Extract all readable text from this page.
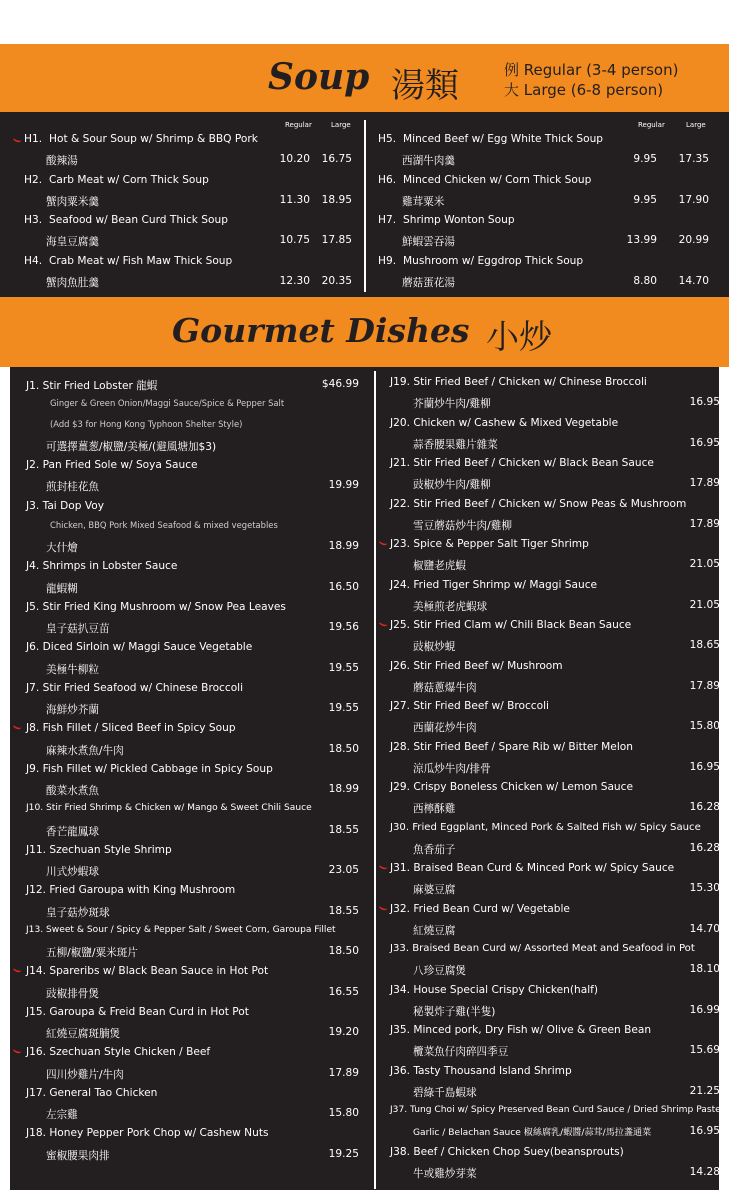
Soup 湯類	例 Regular (3-4 person)
大 Large (6-8 person)
Regular	Large	Regular	Large
H1. Hot & Sour Soup w/ Shrimp & BBQ Pork
酸辣湯	10.20	16.75
H2. Carb Meat w/ Corn Thick Soup
蟹肉粟米羹	11.30	18.95
H3. Seafood w/ Bean Curd Thick Soup
海皇豆腐羹	10.75	17.85
H4. Crab Meat w/ Fish Maw Thick Soup
蟹肉魚肚羹	12.30	20.35
H5. Minced Beef w/ Egg White Thick Soup
西湖牛肉羹	9.95	17.35
H6. Minced Chicken w/ Corn Thick Soup
雞茸粟米	9.95	17.90
H7. Shrimp Wonton Soup
鮮蝦雲吞湯	13.99	20.99
H9. Mushroom w/ Eggdrop Thick Soup
蘑菇蛋花湯	8.80	14.70
Gourmet Dishes 小炒
J1. Stir Fried Lobster 龍蝦	$46.99
Ginger & Green Onion/Maggi Sauce/Spice & Pepper Salt
(Add $3 for Hong Kong Typhoon Shelter Style)
可選擇薑葱/椒鹽/美極/(避風塘加$3)
J2. Pan Fried Sole w/ Soya Sauce
煎封桂花魚	19.99
J3. Tai Dop Voy
Chicken, BBQ Pork Mixed Seafood & mixed vegetables
大什燴	18.99
J4. Shrimps in Lobster Sauce
龍蝦糊	16.50
J5. Stir Fried King Mushroom w/ Snow Pea Leaves
皇子菇扒豆苗	19.56
J6. Diced Sirloin w/ Maggi Sauce Vegetable
美極牛柳粒	19.55
J7. Stir Fried Seafood w/ Chinese Broccoli
海鮮炒芥蘭	19.55
J8. Fish Fillet / Sliced Beef in Spicy Soup
麻辣水煮魚/牛肉	18.50
J9. Fish Fillet w/ Pickled Cabbage in Spicy Soup
酸菜水煮魚	18.99
J10. Stir Fried Shrimp & Chicken w/ Mango & Sweet Chili Sauce
香芒龍鳳球	18.55
J11. Szechuan Style Shrimp
川式炒蝦球	23.05
J12. Fried Garoupa with King Mushroom
皇子菇炒斑球	18.55
J13. Sweet & Sour / Spicy & Pepper Salt / Sweet Corn, Garoupa Fillet
五柳/椒鹽/粟米斑片	18.50
J14. Spareribs w/ Black Bean Sauce in Hot Pot
豉椒排骨煲	16.55
J15. Garoupa & Freid Bean Curd in Hot Pot
紅燒豆腐斑腩煲	19.20
J16. Szechuan Style Chicken / Beef
四川炒雞片/牛肉	17.89
J17. General Tao Chicken
左宗雞	15.80
J18. Honey Pepper Pork Chop w/ Cashew Nuts
蜜椒腰果肉排	19.25
J19. Stir Fried Beef / Chicken w/ Chinese Broccoli
芥蘭炒牛肉/雞柳	16.95
J20. Chicken w/ Cashew & Mixed Vegetable
蒜香腰果雞片雜菜	16.95
J21. Stir Fried Beef / Chicken w/ Black Bean Sauce
豉椒炒牛肉/雞柳	17.89
J22. Stir Fried Beef / Chicken w/ Snow Peas & Mushroom
雪豆蘑菇炒牛肉/雞柳	17.89
J23. Spice & Pepper Salt Tiger Shrimp
椒鹽老虎蝦	21.05
J24. Fried Tiger Shrimp w/ Maggi Sauce
美極煎老虎蝦球	21.05
J25. Stir Fried Clam w/ Chili Black Bean Sauce
豉椒炒蜆	18.65
J26. Stir Fried Beef w/ Mushroom
蘑菇蔥爆牛肉	17.89
J27. Stir Fried Beef w/ Broccoli
西蘭花炒牛肉	15.80
J28. Stir Fried Beef / Spare Rib w/ Bitter Melon
涼瓜炒牛肉/排骨	16.95
J29. Crispy Boneless Chicken w/ Lemon Sauce
西檸酥雞	16.28
J30. Fried Eggplant, Minced Pork & Salted Fish w/ Spicy Sauce
魚香茄子	16.28
J31. Braised Bean Curd & Minced Pork w/ Spicy Sauce
麻婆豆腐	15.30
J32. Fried Bean Curd w/ Vegetable
紅燒豆腐	14.70
J33. Braised Bean Curd w/ Assorted Meat and Seafood in Pot
八珍豆腐煲	18.10
J34. House Special Crispy Chicken(half)
秘製炸子雞(半隻)	16.99
J35. Minced pork, Dry Fish w/ Olive & Green Bean
欖菜魚仔肉碎四季豆	15.69
J36. Tasty Thousand Island Shrimp
碧綠千島蝦球	21.25
J37. Tung Choi w/ Spicy Preserved Bean Curd Sauce / Dried Shrimp Paste/
Garlic / Belachan Sauce 椒絲腐乳/蝦醬/蒜茸/馬拉盞通菜	16.95
J38. Beef / Chicken Chop Suey(beansprouts)
牛或雞炒芽菜	14.28
